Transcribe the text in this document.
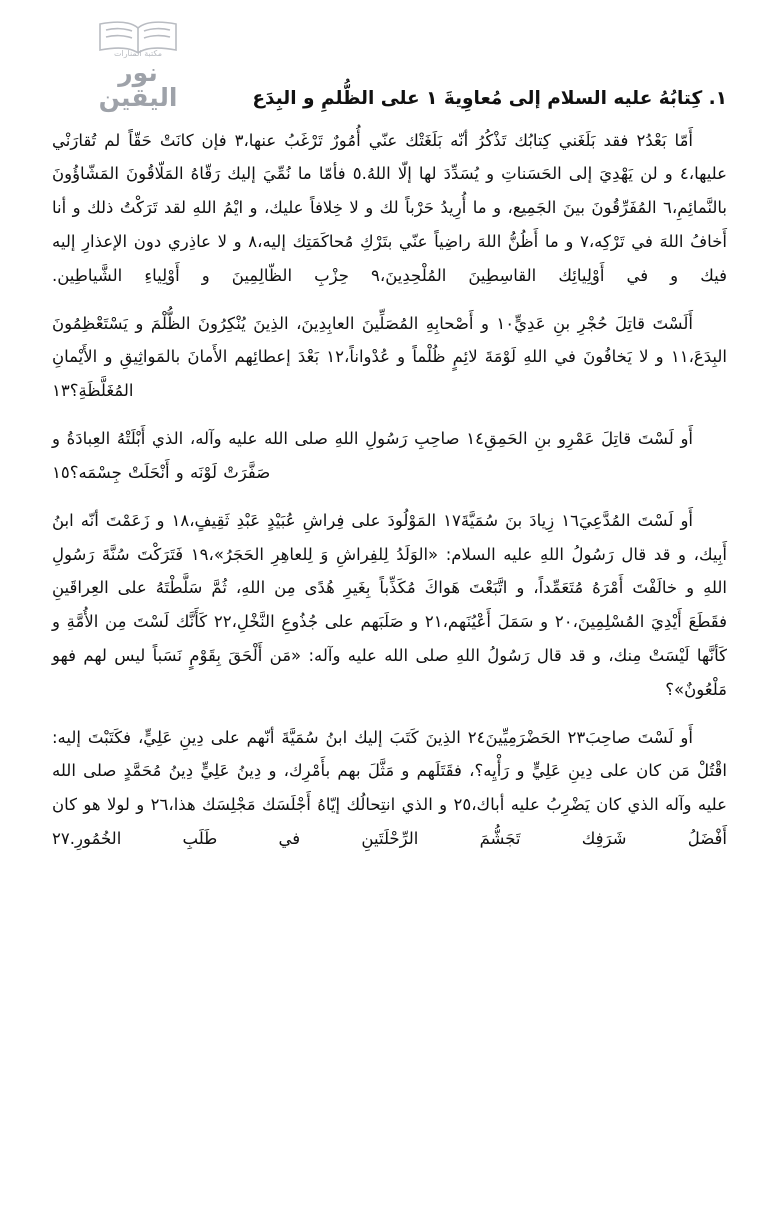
مكتبة المنارات
نور اليقين	١. كِتابُهُ عليه السلام إلى مُعاوِيةَ ١ على الظُّلمِ و البِدَع

أَمّا بَعْدُ٢ فقد بَلَغَني كِتابُك تَذْكُرُ أنّه بَلَغَتْك عنّي أُمُورٌ تَرْغَبُ عنها،٣ فإن كانَتْ حَقّاً لم تُقارَنْي عليها،٤ و لن يَهْدِيَ إلى الحَسَناتِ و يُسَدِّدَ لها إلّا اللهُ.٥ فأمّا ما نُمِّيَ إليك رَقّاهُ المَلّاقُونَ المَشّاؤُونَ بالنَّمائِمِ،٦ المُفَرِّقُونَ بينَ الجَمِيع، و ما أُرِيدُ حَرْباً لك و لا خِلافاً عليك، و ايْمُ اللهِ لقد تَرَكْتُ ذلك و أنا أَخافُ اللهَ في تَرْكِه،٧ و ما أَظُنُّ اللهَ راضِياً عنّي بتَرْكِ مُحاكَمَتِك إليه،٨ و لا عاذِري دون الإعذارِ إليه فيك و في أَوْلِيائِك القاسِطِينَ المُلْحِدِينَ،٩ حِزْبِ الظّالِمِينَ و أَوْلِياءِ الشَّياطِين.

أَلَسْتَ قاتِلَ حُجْرِ بنِ عَدِيٍّ١٠ و أَصْحابِهِ المُصَلِّينَ العابِدِينَ، الذِينَ يُنْكِرُونَ الظُّلْمَ و يَسْتَعْظِمُونَ البِدَعَ،١١ و لا يَخافُونَ في اللهِ لَوْمَةَ لائِمٍ ظُلْماً و عُدْواناً،١٢ بَعْدَ إعطائِهم الأَمانَ بالمَواثِيقِ و الأَيْمانِ المُغَلَّظَةِ؟١٣

أَو لَسْتَ قاتِلَ عَمْرِو بنِ الحَمِقِ١٤ صاحِبِ رَسُولِ اللهِ صلى الله عليه وآله، الذي أَبْلَتْهُ العِبادَةُ و صَفَّرَتْ لَوْنَه و أَنْحَلَتْ جِسْمَه؟١٥

أَو لَسْتَ المُدَّعِيَ١٦ زِيادَ بنَ سُمَيَّةَ١٧ المَوْلُودَ على فِراشِ عُبَيْدٍ عَبْدِ ثَقِيفٍ،١٨ و زَعَمْتَ أنّه ابنُ أَبِيك، و قد قال رَسُولُ اللهِ عليه السلام: «الوَلَدُ لِلفِراشِ وَ لِلعاهِرِ الحَجَرُ»،١٩ فَتَرَكْتَ سُنَّةَ رَسُولِ اللهِ و خالَفْتَ أَمْرَهُ مُتَعَمِّداً، و اتَّبَعْتَ هَواكَ مُكَذِّباً بِغَيرِ هُدًى مِن اللهِ، ثُمَّ سَلَّطْتَهُ على العِراقَينِ فقَطَعَ أَيْدِيَ المُسْلِمِينَ،٢٠ و سَمَلَ أَعْيُنَهم،٢١ و صَلَبَهم على جُذُوعِ النَّخْلِ،٢٢ كَأَنَّك لَسْتَ مِن الأُمَّةِ و كَأنَّها لَيْسَتْ مِنك، و قد قال رَسُولُ اللهِ صلى الله عليه وآله: «مَن أَلْحَقَ بِقَوْمٍ نَسَباً ليس لهم فهو مَلْعُونٌ»؟

أَو لَسْتَ صاحِبَ٢٣ الحَضْرَمِيِّينَ٢٤ الذِينَ كَتَبَ إليك ابنُ سُمَيَّةَ أنّهم على دِينِ عَلِيٍّ، فكَتَبْتَ إليه: اقْتُلْ مَن كان على دِينِ عَلِيٍّ و رَأْيِه؟، فقَتَلَهم و مَثَّلَ بهم بأَمْرِك، و دِينُ عَلِيٍّ دِينُ مُحَمَّدٍ صلى الله عليه وآله الذي كان يَضْرِبُ عليه أباك،٢٥ و الذي انتِحالُك إيّاهُ أَجْلَسَك مَجْلِسَك هذا،٢٦ و لولا هو كان أَفْضَلُ شَرَفِك تَجَشُّمَ الرِّحْلَتَينِ في طَلَبِ الخُمُورِ.٢٧
